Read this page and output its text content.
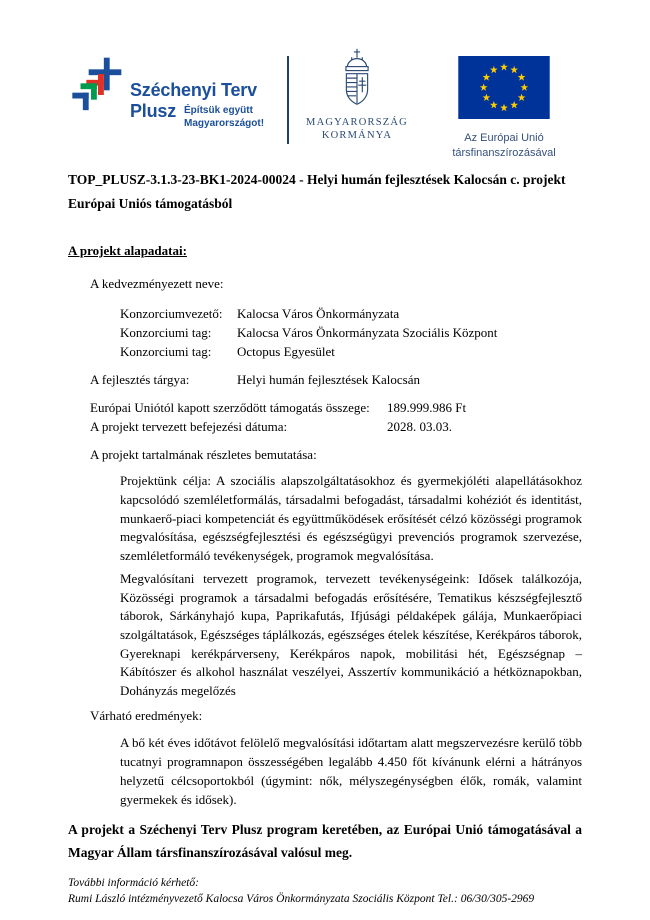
Széchenyi Terv
Plusz Építsük együtt
Magyarországot!	MAGYARORSZÁG
KORMÁNYA	Az Európai Unió
társfinanszírozásával
TOP_PLUSZ-3.1.3-23-BK1-2024-00024 - Helyi humán fejlesztések Kalocsán c. projekt
Európai Uniós támogatásból
A projekt alapadatai:
A kedvezményezett neve:
Konzorciumvezető:	Kalocsa Város Önkormányzata
Konzorciumi tag:	Kalocsa Város Önkormányzata Szociális Központ
Konzorciumi tag:	Octopus Egyesület
A fejlesztés tárgya:	Helyi humán fejlesztések Kalocsán
Európai Uniótól kapott szerződött támogatás összege:	189.999.986 Ft
A projekt tervezett befejezési dátuma:	2028. 03.03.
A projekt tartalmának részletes bemutatása:
Projektünk célja: A szociális alapszolgáltatásokhoz és gyermekjóléti alapellátásokhoz kapcsolódó szemléletformálás, társadalmi befogadást, társadalmi kohéziót és identitást, munkaerő-piaci kompetenciát és együttműködések erősítését célzó közösségi programok megvalósítása, egészségfejlesztési és egészségügyi prevenciós programok szervezése, szemléletformáló tevékenységek, programok megvalósítása.
Megvalósítani tervezett programok, tervezett tevékenységeink: Idősek találkozója, Közösségi programok a társadalmi befogadás erősítésére, Tematikus készségfejlesztő táborok, Sárkányhajó kupa, Paprikafutás, Ifjúsági példaképek gálája, Munkaerőpiaci szolgáltatások, Egészséges táplálkozás, egészséges ételek készítése, Kerékpáros táborok, Gyereknapi kerékpárverseny, Kerékpáros napok, mobilitási hét, Egészségnap – Kábítószer és alkohol használat veszélyei, Asszertív kommunikáció a hétköznapokban, Dohányzás megelőzés
Várható eredmények:
A bő két éves időtávot felölelő megvalósítási időtartam alatt megszervezésre kerülő több tucatnyi programnapon összességében legalább 4.450 főt kívánunk elérni a hátrányos helyzetű célcsoportokból (úgymint: nők, mélyszegénységben élők, romák, valamint gyermekek és idősek).
A projekt a Széchenyi Terv Plusz program keretében, az Európai Unió támogatásával a Magyar Állam társfinanszírozásával valósul meg.
További információ kérhető:
Rumi László intézményvezető Kalocsa Város Önkormányzata Szociális Központ Tel.: 06/30/305-2969
